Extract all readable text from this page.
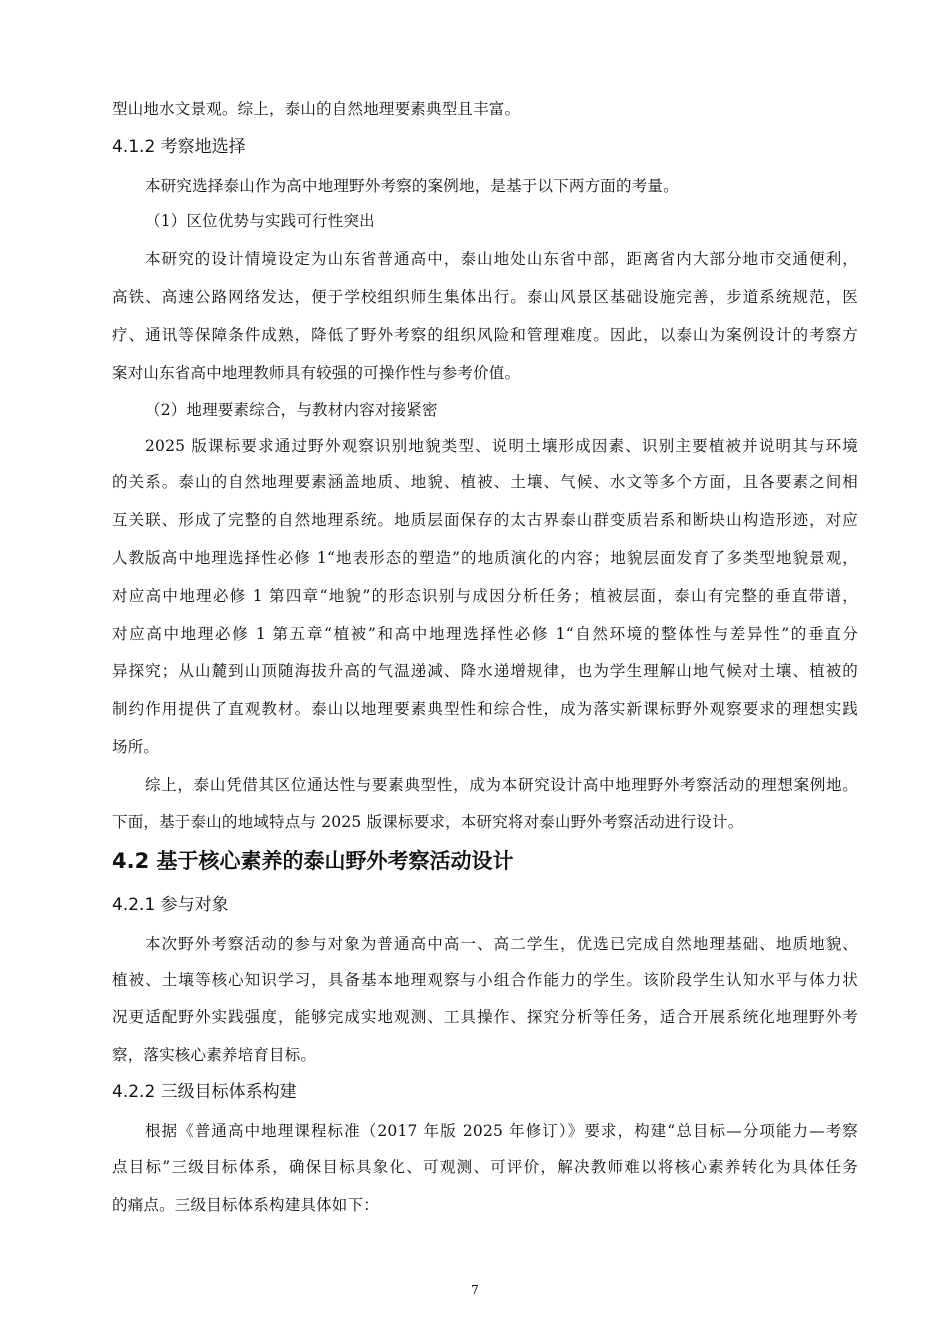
型山地水文景观。综上，泰山的自然地理要素典型且丰富。
4.1.2 考察地选择
本研究选择泰山作为高中地理野外考察的案例地，是基于以下两方面的考量。
（1）区位优势与实践可行性突出
本研究的设计情境设定为山东省普通高中，泰山地处山东省中部，距离省内大部分地市交通便利，
高铁、高速公路网络发达，便于学校组织师生集体出行。泰山风景区基础设施完善，步道系统规范，医
疗、通讯等保障条件成熟，降低了野外考察的组织风险和管理难度。因此，以泰山为案例设计的考察方
案对山东省高中地理教师具有较强的可操作性与参考价值。
（2）地理要素综合，与教材内容对接紧密
2025 版课标要求通过野外观察识别地貌类型、说明土壤形成因素、识别主要植被并说明其与环境
的关系。泰山的自然地理要素涵盖地质、地貌、植被、土壤、气候、水文等多个方面，且各要素之间相
互关联、形成了完整的自然地理系统。地质层面保存的太古界泰山群变质岩系和断块山构造形迹，对应
人教版高中地理选择性必修 1“地表形态的塑造”的地质演化的内容；地貌层面发育了多类型地貌景观，
对应高中地理必修 1 第四章“地貌”的形态识别与成因分析任务；植被层面，泰山有完整的垂直带谱，
对应高中地理必修 1 第五章“植被”和高中地理选择性必修 1“自然环境的整体性与差异性”的垂直分
异探究；从山麓到山顶随海拔升高的气温递减、降水递增规律，也为学生理解山地气候对土壤、植被的
制约作用提供了直观教材。泰山以地理要素典型性和综合性，成为落实新课标野外观察要求的理想实践
场所。
综上，泰山凭借其区位通达性与要素典型性，成为本研究设计高中地理野外考察活动的理想案例地。
下面，基于泰山的地域特点与 2025 版课标要求，本研究将对泰山野外考察活动进行设计。
4.2 基于核心素养的泰山野外考察活动设计
4.2.1 参与对象
本次野外考察活动的参与对象为普通高中高一、高二学生，优选已完成自然地理基础、地质地貌、
植被、土壤等核心知识学习，具备基本地理观察与小组合作能力的学生。该阶段学生认知水平与体力状
况更适配野外实践强度，能够完成实地观测、工具操作、探究分析等任务，适合开展系统化地理野外考
察，落实核心素养培育目标。
4.2.2 三级目标体系构建
根据《普通高中地理课程标准（2017 年版 2025 年修订）》要求，构建“总目标—分项能力—考察
点目标”三级目标体系，确保目标具象化、可观测、可评价，解决教师难以将核心素养转化为具体任务
的痛点。三级目标体系构建具体如下：
7
